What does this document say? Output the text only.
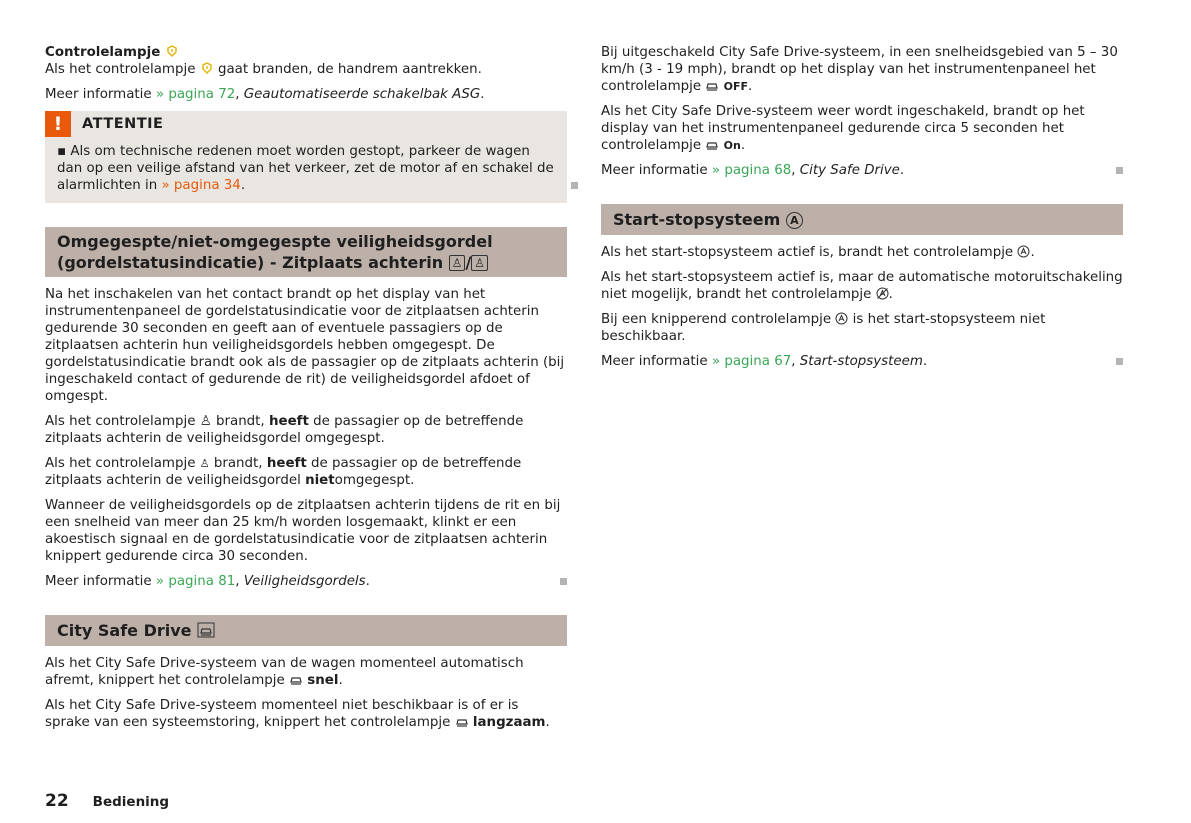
Controlelampje

Als het controlelampje gaat branden, de handrem aantrekken.

Meer informatie » pagina 72, Geautomatiseerde schakelbak ASG.

!	ATTENTIE
▪ Als om technische redenen moet worden gestopt, parkeer de wagen dan op een veilige afstand van het verkeer, zet de motor af en schakel de alarmlichten in » pagina 34.
Omgegespte/niet-omgegespte veiligheidsgordel
(gordelstatusindicatie) - Zitplaats achterin ♙ / ♙

Na het inschakelen van het contact brandt op het display van het instrumentenpaneel de gordelstatusindicatie voor de zitplaatsen achterin gedurende 30 seconden en geeft aan of eventuele passagiers op de zitplaatsen achterin hun veiligheidsgordels hebben omgegespt. De gordelstatusindicatie brandt ook als de passagier op de zitplaats achterin (bij ingeschakeld contact of gedurende de rit) de veiligheidsgordel afdoet of omgespt.

Als het controlelampje ♙ brandt, heeft de passagier op de betreffende zitplaats achterin de veiligheidsgordel omgegespt.

Als het controlelampje ♙ brandt, heeft de passagier op de betreffende zitplaats achterin de veiligheidsgordel nietomgegespt.

Wanneer de veiligheidsgordels op de zitplaatsen achterin tijdens de rit en bij een snelheid van meer dan 25 km/h worden losgemaakt, klinkt er een akoestisch signaal en de gordelstatusindicatie voor de zitplaatsen achterin knippert gedurende circa 30 seconden.

Meer informatie » pagina 81, Veiligheidsgordels.

City Safe Drive

Als het City Safe Drive-systeem van de wagen momenteel automatisch afremt, knippert het controlelampje snel.

Als het City Safe Drive-systeem momenteel niet beschikbaar is of er is sprake van een systeemstoring, knippert het controlelampje langzaam.

Bij uitgeschakeld City Safe Drive-systeem, in een snelheidsgebied van 5 – 30 km/h (3 - 19 mph), brandt op het display van het instrumentenpaneel het controlelampje OFF.

Als het City Safe Drive-systeem weer wordt ingeschakeld, brandt op het display van het instrumentenpaneel gedurende circa 5 seconden het controlelampje On.

Meer informatie » pagina 68, City Safe Drive.

Start-stopsysteem A

Als het start-stopsysteem actief is, brandt het controlelampje .

Als het start-stopsysteem actief is, maar de automatische motoruitschakeling niet mogelijk, brandt het controlelampje .

Bij een knipperend controlelampje is het start-stopsysteem niet beschikbaar.

Meer informatie » pagina 67, Start-stopsysteem.

22 Bediening
